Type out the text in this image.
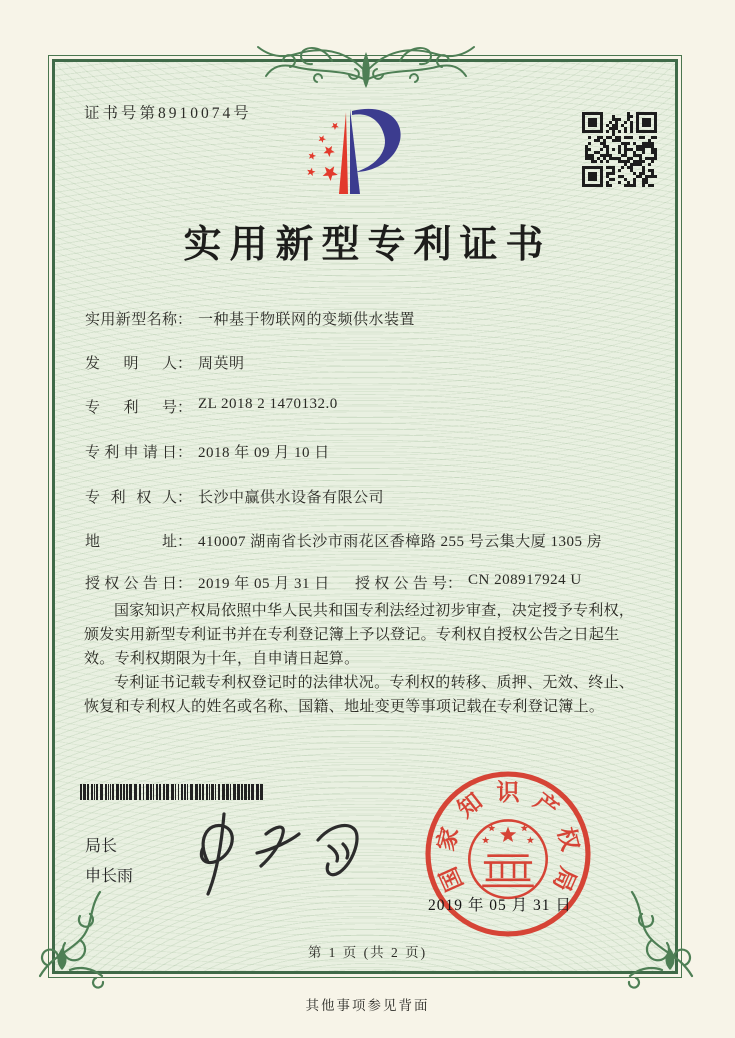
证书号第8910074号
实用新型专利证书
实用新型名称： 一种基于物联网的变频供水装置
发明人： 周英明
专利号： ZL 2018 2 1470132.0
专利申请日： 2018 年 09 月 10 日
专利权人： 长沙中赢供水设备有限公司
地址： 410007 湖南省长沙市雨花区香樟路 255 号云集大厦 1305 房
授权公告日： 2019 年 05 月 31 日 授权公告号： CN 208917924 U

国家知识产权局依照中华人民共和国专利法经过初步审查，决定授予专利权，颁发实用新型专利证书并在专利登记簿上予以登记。专利权自授权公告之日起生效。专利权期限为十年，自申请日起算。

专利证书记载专利权登记时的法律状况。专利权的转移、质押、无效、终止、恢复和专利权人的姓名或名称、国籍、地址变更等事项记载在专利登记簿上。

局长
申长雨	国
家
知 识 产
权
局
2019 年 05 月 31 日
第 1 页 (共 2 页)
其他事项参见背面
